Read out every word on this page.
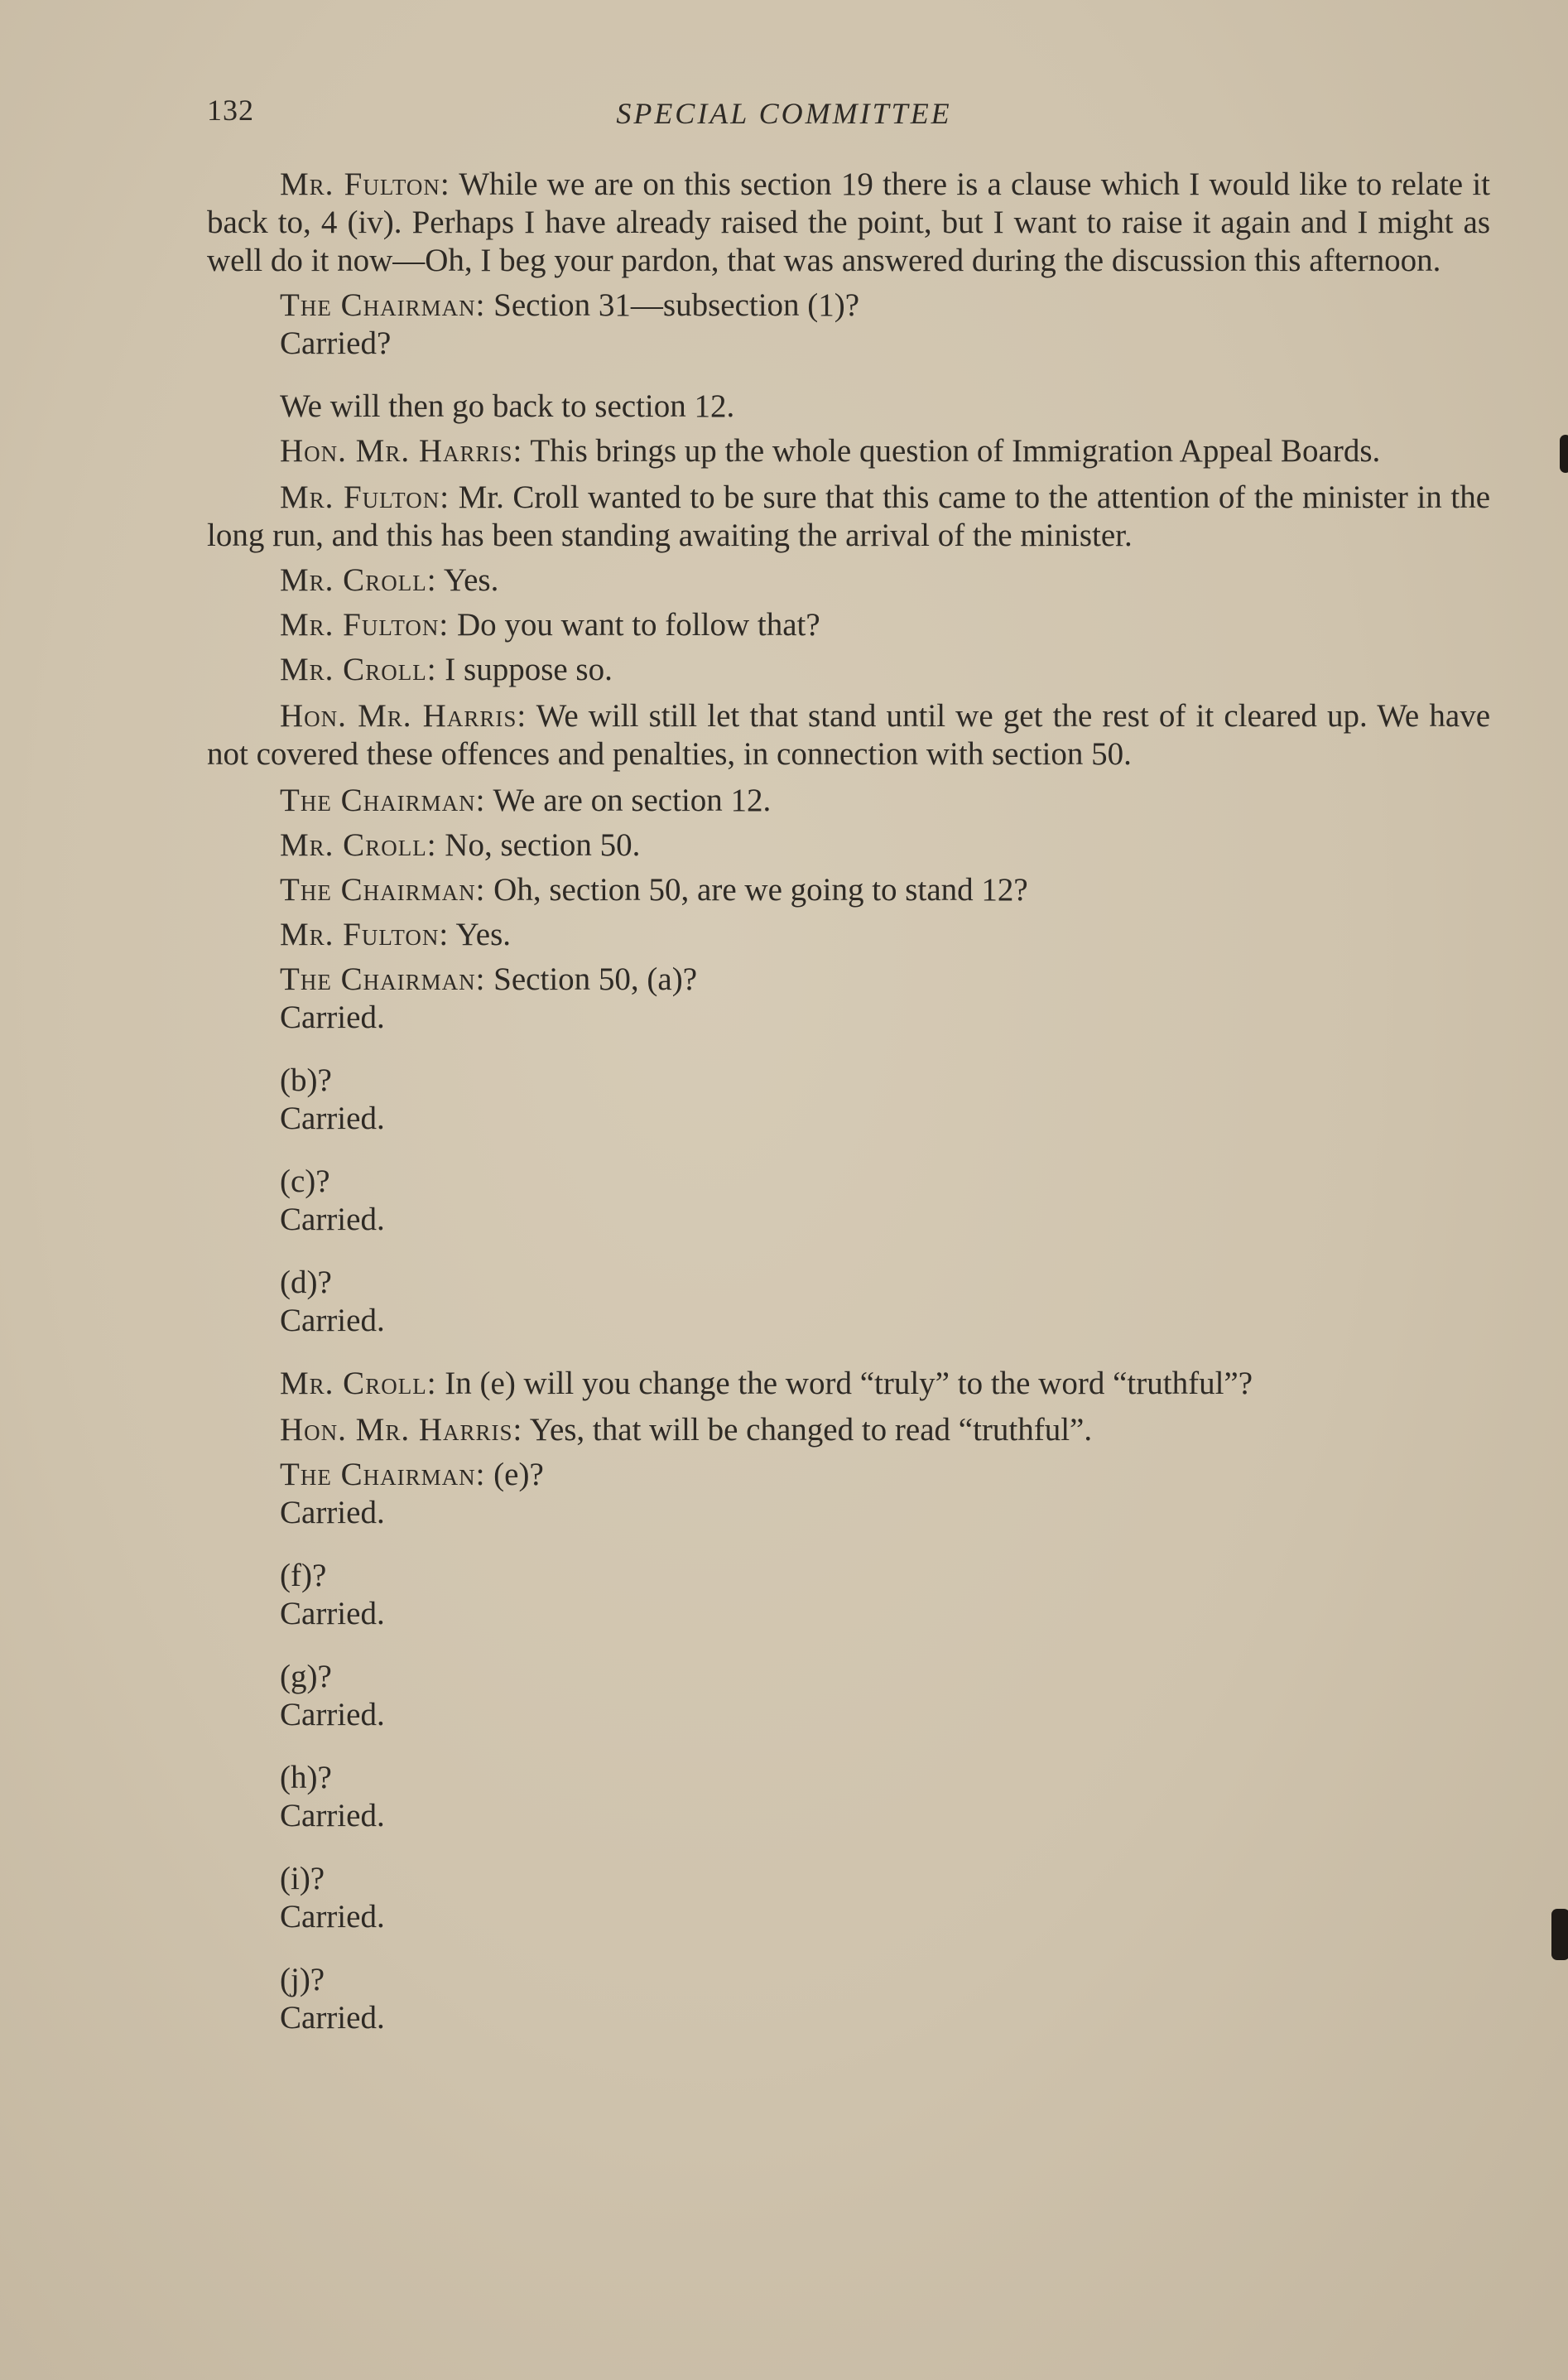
132	SPECIAL COMMITTEE

Mr. Fulton: While we are on this section 19 there is a clause which I would like to relate it back to, 4 (iv). Perhaps I have already raised the point, but I want to raise it again and I might as well do it now—Oh, I beg your pardon, that was answered during the discussion this afternoon.

The Chairman: Section 31—subsection (1)?

Carried?

We will then go back to section 12.

Hon. Mr. Harris: This brings up the whole question of Immigration Appeal Boards.

Mr. Fulton: Mr. Croll wanted to be sure that this came to the attention of the minister in the long run, and this has been standing awaiting the arrival of the minister.

Mr. Croll: Yes.

Mr. Fulton: Do you want to follow that?

Mr. Croll: I suppose so.

Hon. Mr. Harris: We will still let that stand until we get the rest of it cleared up. We have not covered these offences and penalties, in connection with section 50.

The Chairman: We are on section 12.

Mr. Croll: No, section 50.

The Chairman: Oh, section 50, are we going to stand 12?

Mr. Fulton: Yes.

The Chairman: Section 50, (a)?

Carried.

(b)?

Carried.

(c)?

Carried.

(d)?

Carried.

Mr. Croll: In (e) will you change the word “truly” to the word “truthful”?

Hon. Mr. Harris: Yes, that will be changed to read “truthful”.

The Chairman: (e)?

Carried.

(f)?

Carried.

(g)?

Carried.

(h)?

Carried.

(i)?

Carried.

(j)?

Carried.
